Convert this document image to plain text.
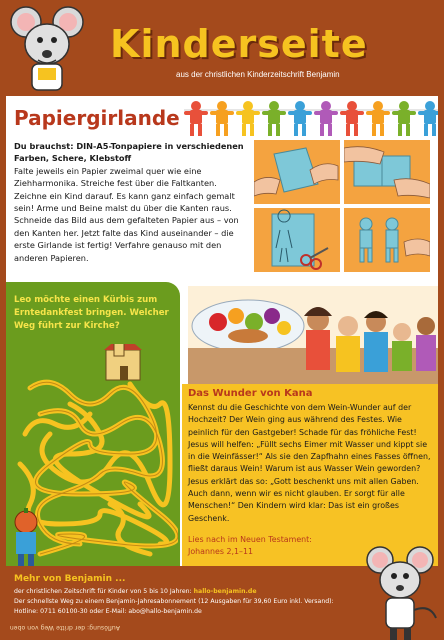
Kinderseite
aus der christlichen Kinderzeitschrift Benjamin
Papiergirlande
Du brauchst: DIN-A5-Tonpapiere in verschiedenen Farben, Schere, Klebstoff
Falte jeweils ein Papier zweimal quer wie eine Ziehharmonika. Streiche fest über die Faltkanten. Zeichne ein Kind darauf. Es kann ganz einfach gemalt sein! Arme und Beine malst du über die Kanten raus. Schneide das Bild aus dem gefalteten Papier aus – von den Kanten her. Jetzt falte das Kind auseinander – die erste Girlande ist fertig! Verfahre genauso mit den anderen Papieren.
Leo möchte einen Kürbis zum Erntedankfest bringen. Welcher Weg führt zur Kirche?
Das Wunder von Kana
Kennst du die Geschichte von dem Wein-Wunder auf der Hochzeit? Der Wein ging aus während des Festes. Wie peinlich für den Gastgeber! Schade für das fröhliche Fest! Jesus will helfen: „Füllt sechs Eimer mit Wasser und kippt sie in die Weinfässer!“ Als sie den Zapfhahn eines Fasses öffnen, fließt daraus Wein! Warum ist aus Wasser Wein geworden? Jesus erklärt das so: „Gott beschenkt uns mit allen Gaben. Auch dann, wenn wir es nicht glauben. Er sorgt für alle Menschen!“ Den Kindern wird klar: Das ist ein großes Geschenk.
Lies nach im Neuen Testament:
Johannes 2,1–11
Mehr von Benjamin ...
der christlichen Zeitschrift für Kinder von 5 bis 10 Jahren: hallo-benjamin.de
Der schnellste Weg zu einem Benjamin-Jahresabonnement (12 Ausgaben für 39,60 Euro inkl. Versand):
Hotline: 0711 60100-30 oder E-Mail: abo@hallo-benjamin.de
Auflösung: der dritte Weg von oben
